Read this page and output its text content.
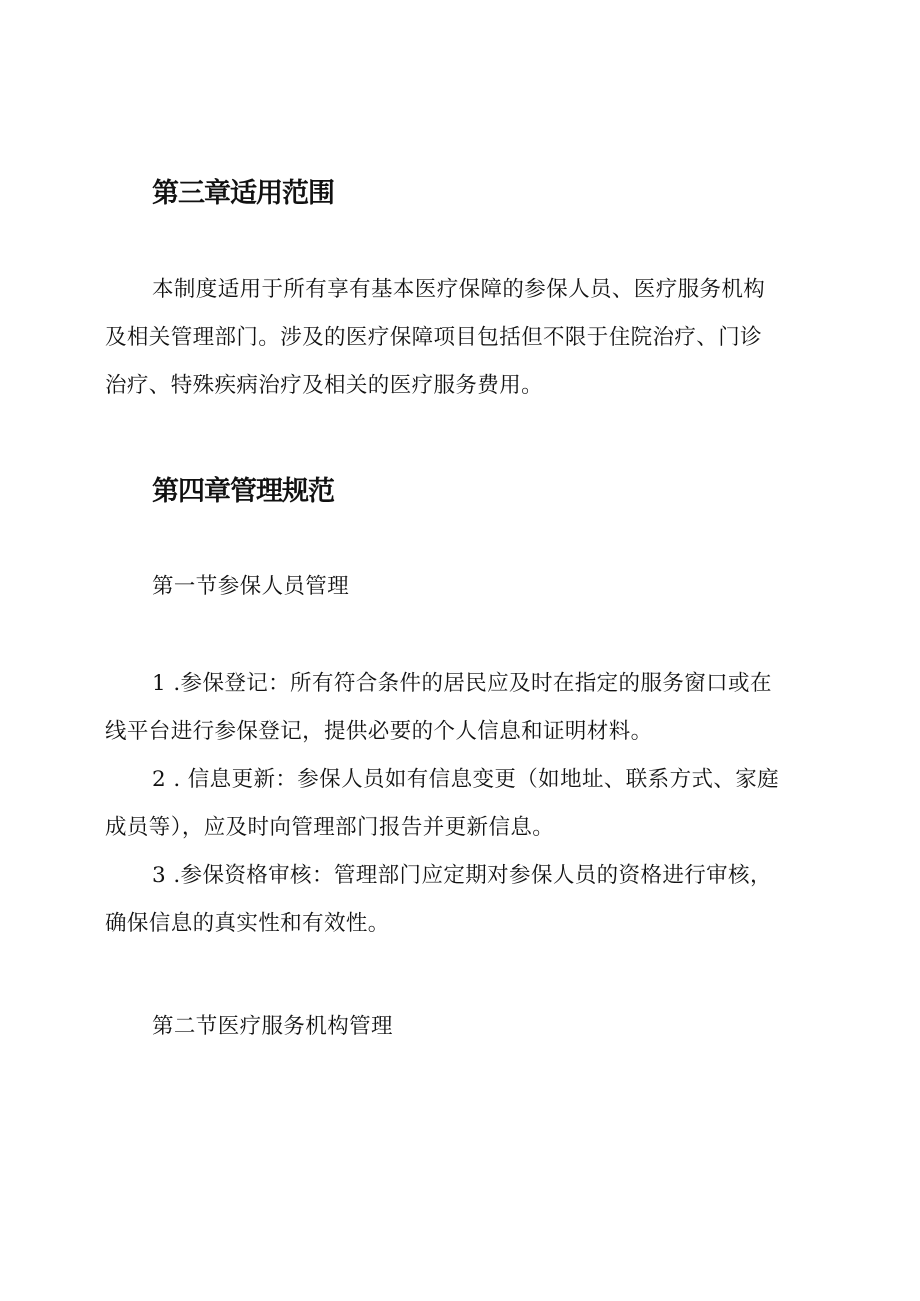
第三章适用范围
本制度适用于所有享有基本医疗保障的参保人员、医疗服务机构
及相关管理部门。涉及的医疗保障项目包括但不限于住院治疗、门诊
治疗、特殊疾病治疗及相关的医疗服务费用。
第四章管理规范

第一节参保人员管理

1 .参保登记：所有符合条件的居民应及时在指定的服务窗口或在
线平台进行参保登记，提供必要的个人信息和证明材料。
2 . 信息更新：参保人员如有信息变更（如地址、联系方式、家庭
成员等），应及时向管理部门报告并更新信息。
3 .参保资格审核：管理部门应定期对参保人员的资格进行审核，
确保信息的真实性和有效性。

第二节医疗服务机构管理
